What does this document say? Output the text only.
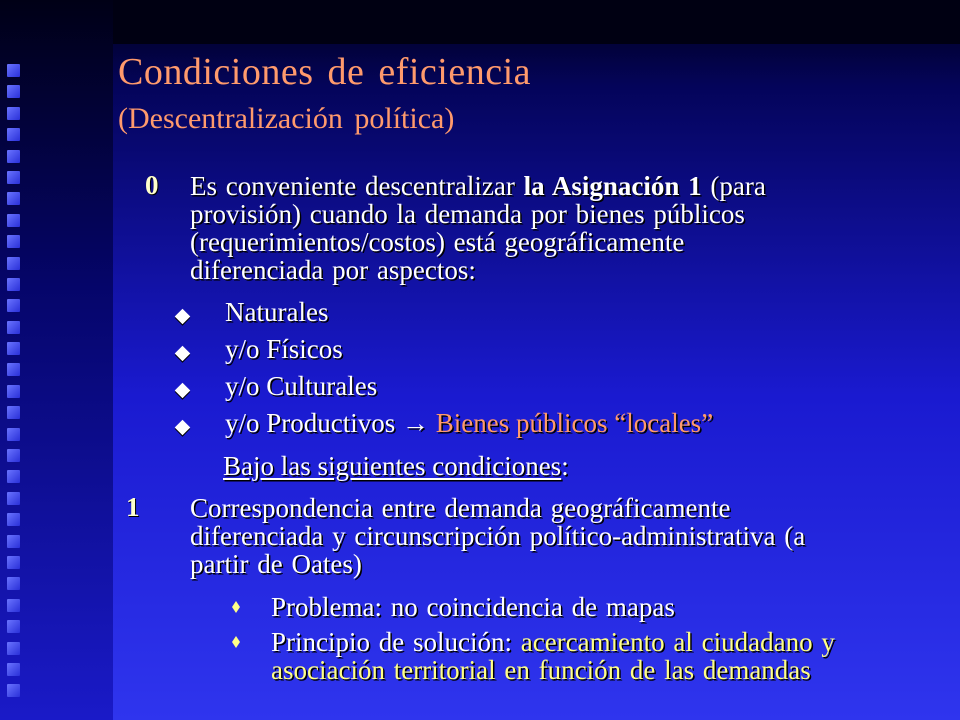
Condiciones de eficiencia
(Descentralización política)
0 Es conveniente descentralizar la Asignación 1 (para
provisión) cuando la demanda por bienes públicos
(requerimientos/costos) está geográficamente
diferenciada por aspectos:
Naturales
y/o Físicos
y/o Culturales
y/o Productivos → Bienes públicos “locales”
Bajo las siguientes condiciones:
1 Correspondencia entre demanda geográficamente
diferenciada y circunscripción político-administrativa (a
partir de Oates)
Problema: no coincidencia de mapas
Principio de solución: acercamiento al ciudadano y
asociación territorial en función de las demandas
